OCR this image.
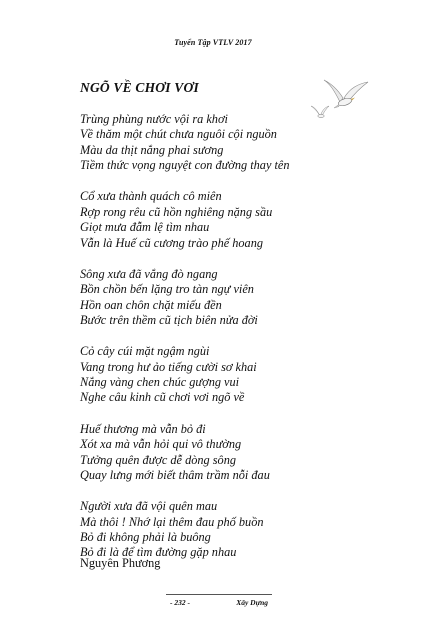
Tuyển Tập VTLV 2017
NGÕ VỀ CHƠI VƠI
Trùng phùng nước vội ra khơi
Về thăm một chút chưa nguôi cội nguồn
Màu da thịt nắng phai sương
Tiềm thức vọng nguyệt con đường thay tên
Cổ xưa thành quách cô miên
Rợp rong rêu cũ hồn nghiêng nặng sầu
Giọt mưa đẫm lệ tìm nhau
Vẫn là Huế cũ cương trào phế hoang
Sông xưa đã vắng đò ngang
Bồn chồn bến lặng tro tàn ngự viên
Hồn oan chôn chặt miếu đền
Bước trên thềm cũ tịch biên nửa đời
Cỏ cây cúi mặt ngậm ngùi
Vang trong hư ảo tiếng cười sơ khai
Nắng vàng chen chúc gượng vui
Nghe câu kinh cũ chơi vơi ngõ về
Huế thương mà vẫn bỏ đi
Xót xa mà vẫn hỏi qui vô thường
Tưởng quên được dễ dòng sông
Quay lưng mới biết thâm trầm nỗi đau
Người xưa đã vội quên mau
Mà thôi ! Nhớ lại thêm đau phố buồn
Bỏ đi không phải là buông
Bỏ đi là để tìm đường gặp nhau
Nguyên Phương
- 232 -	Xây Dựng
